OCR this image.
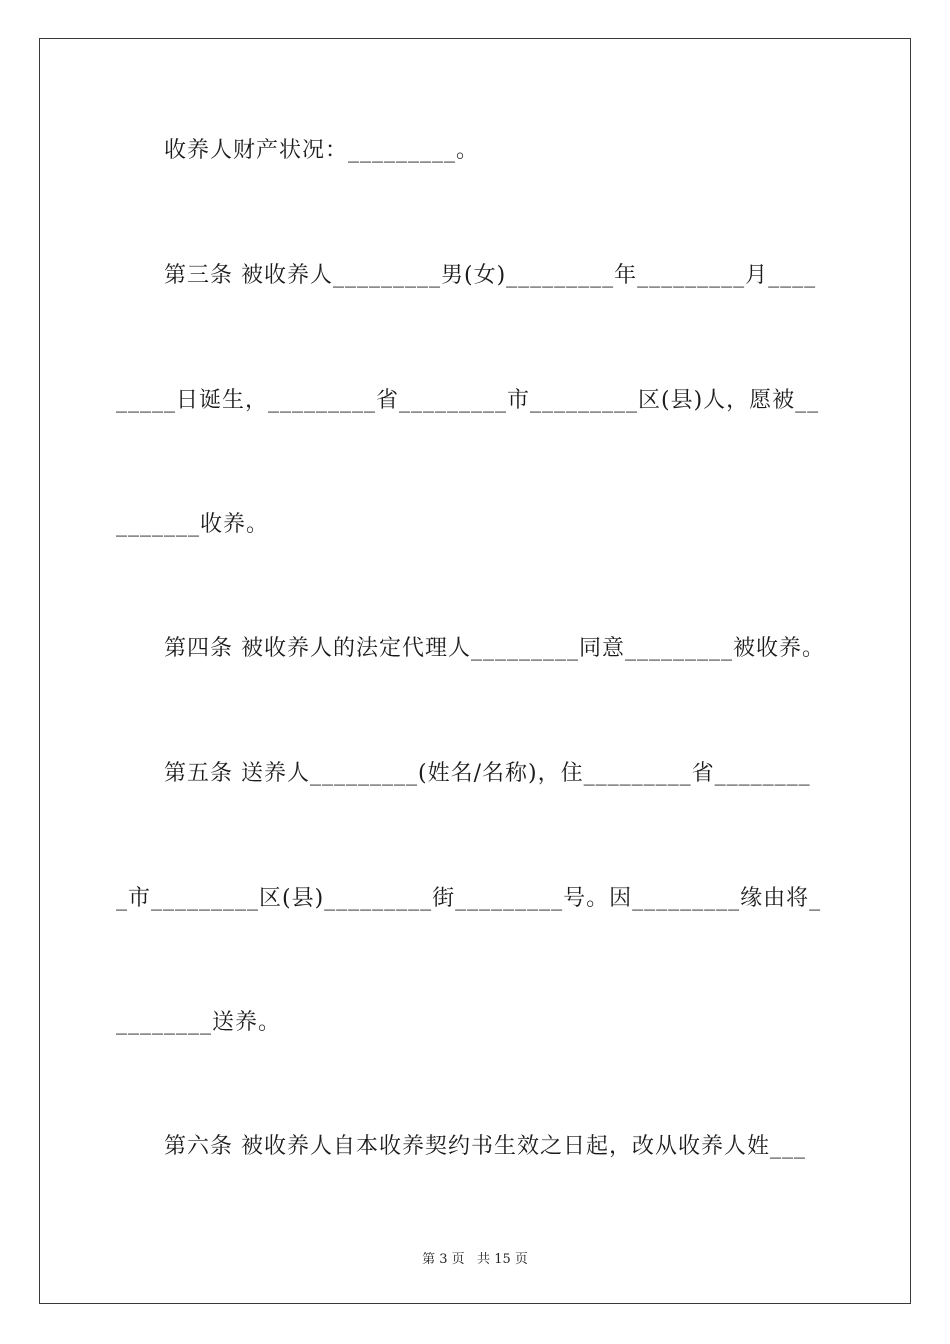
收养人财产状况：_________。
第三条 被收养人_________男(女)_________年_________月____
_____日诞生，_________省_________市_________区(县)人，愿被__
_______收养。
第四条 被收养人的法定代理人_________同意_________被收养。
第五条 送养人_________(姓名/名称)，住_________省________
_市_________区(县)_________街_________号。因_________缘由将_
________送养。
第六条 被收养人自本收养契约书生效之日起，改从收养人姓___
第 3 页   共 15 页
